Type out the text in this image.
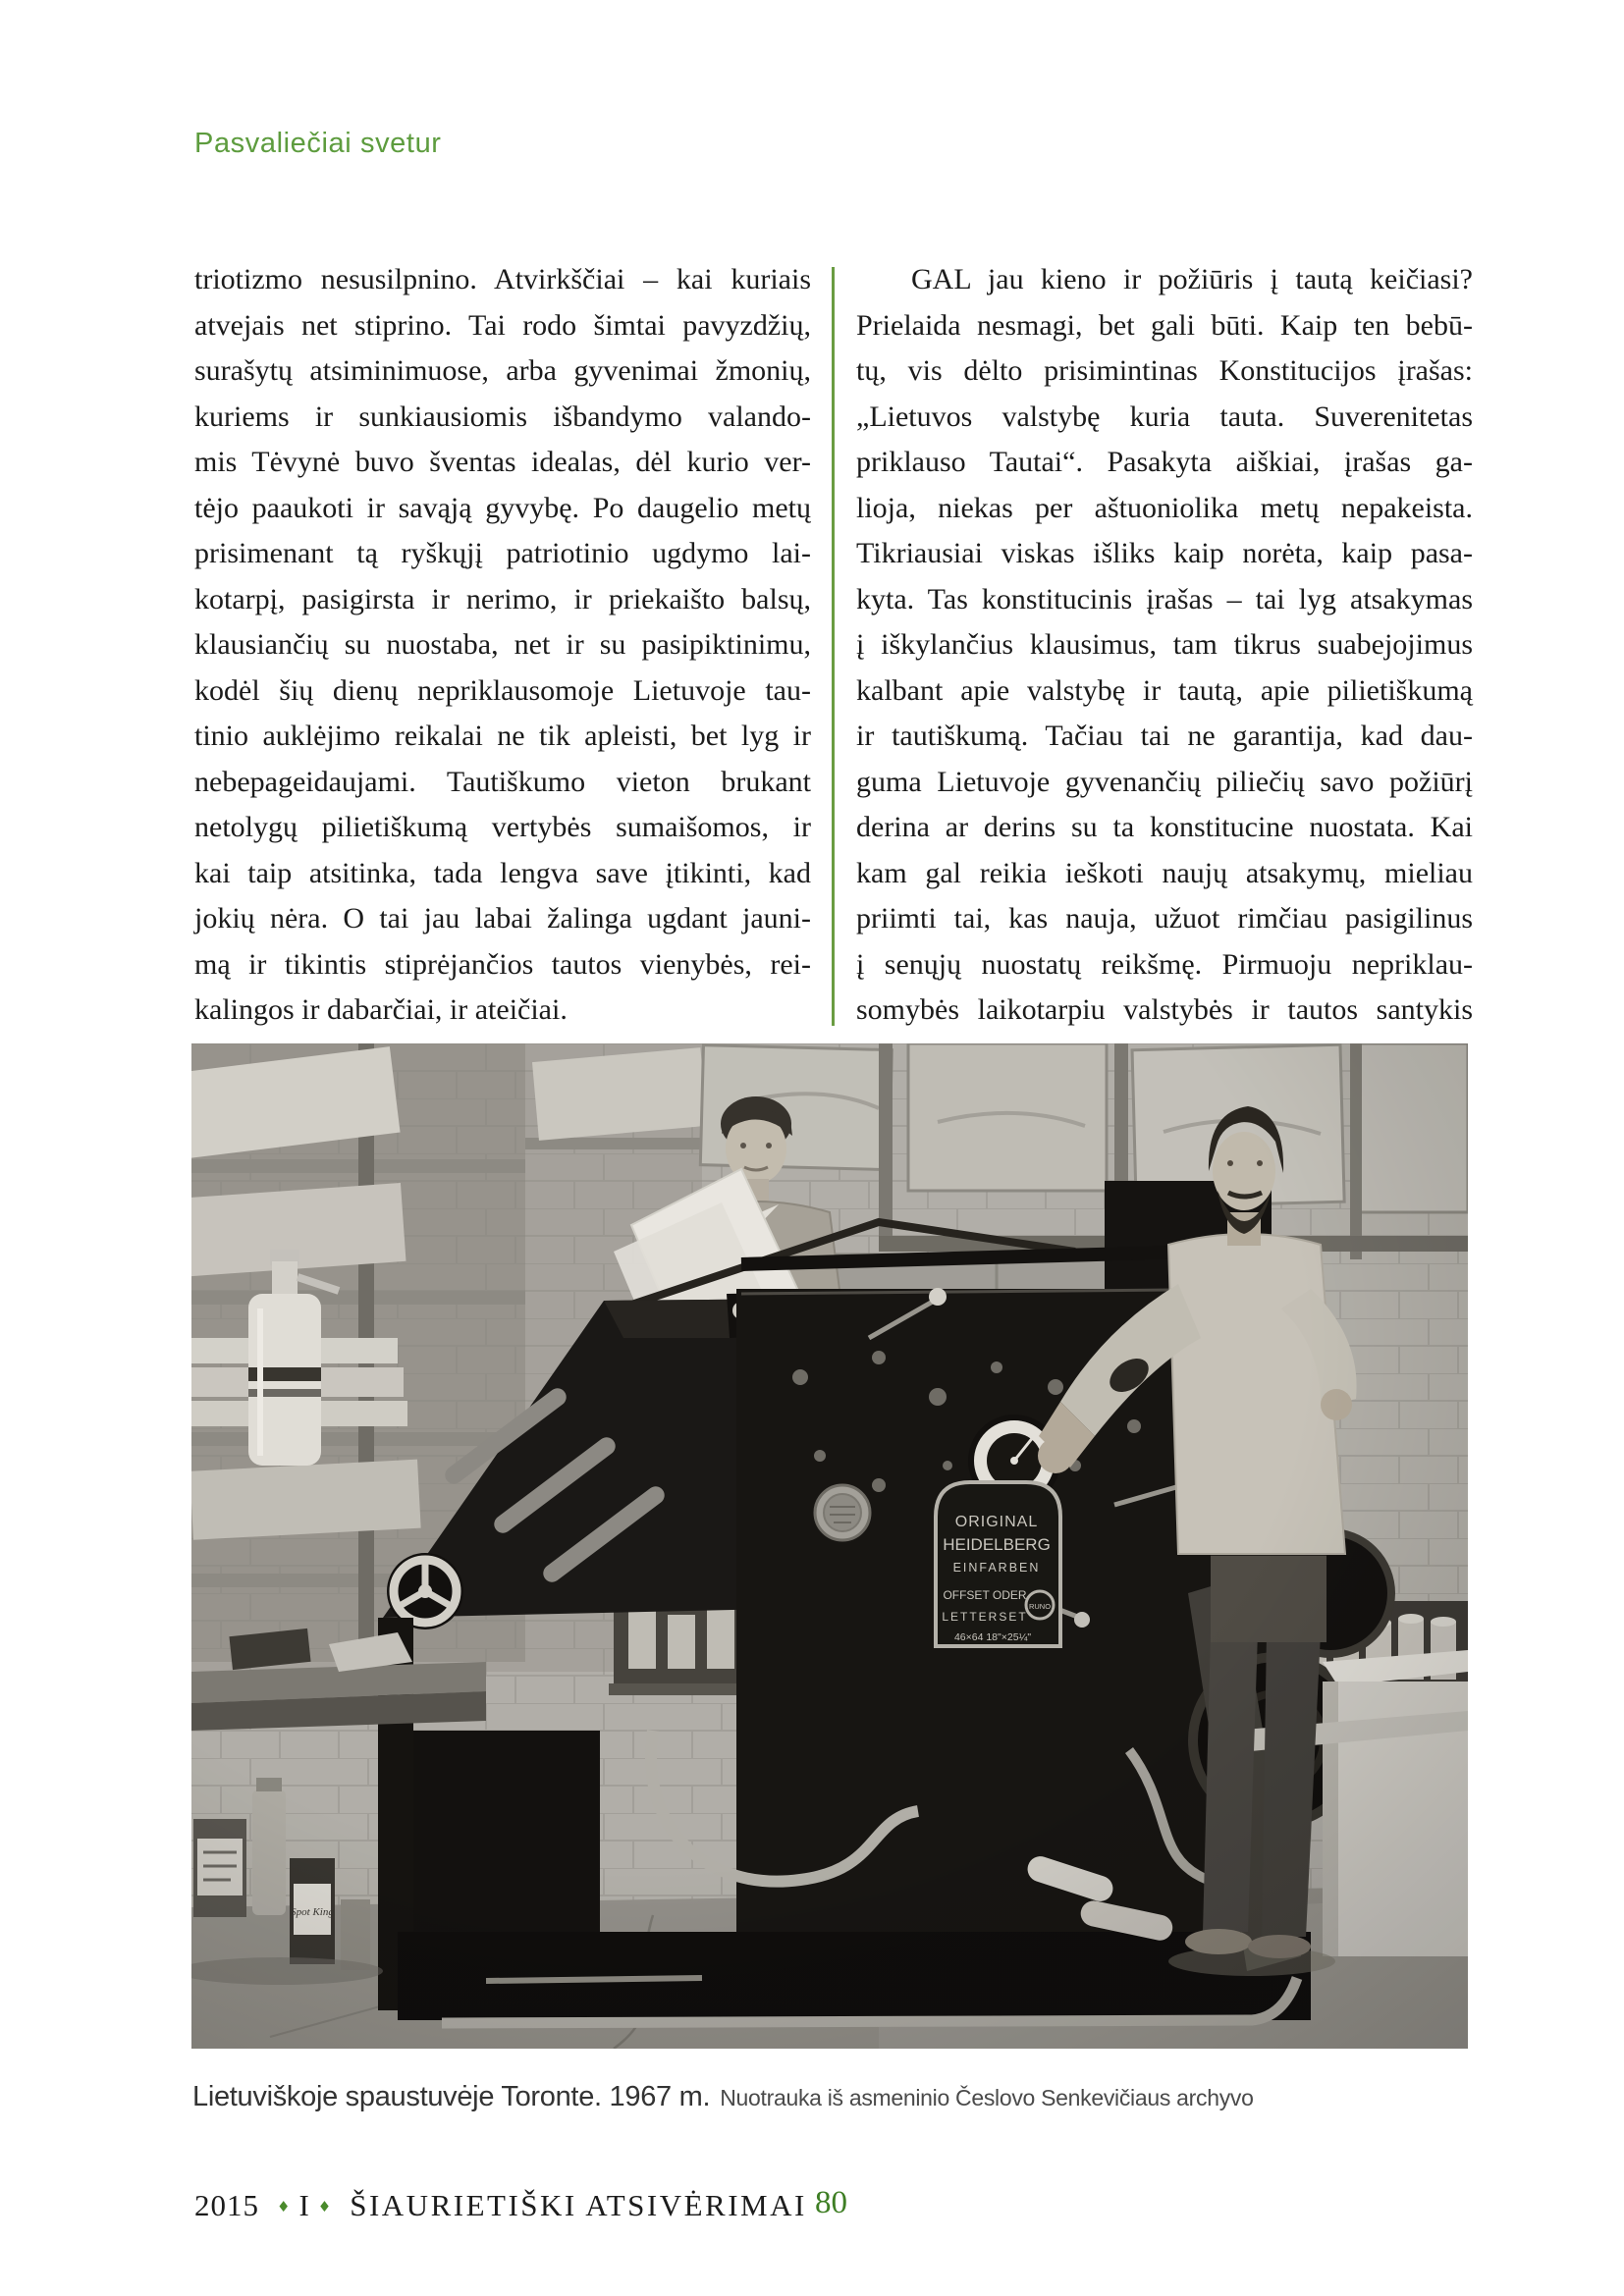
Pasvaliečiai svetur
triotizmo nesusilpnino. Atvirkščiai – kai kuriais
atvejais net stiprino. Tai rodo šimtai pavyzdžių,
surašytų atsiminimuose, arba gyvenimai žmonių,
kuriems ir sunkiausiomis išbandymo valando-
mis Tėvynė buvo šventas idealas, dėl kurio ver-
tėjo paaukoti ir savąją gyvybę. Po daugelio metų
prisimenant tą ryškųjį patriotinio ugdymo lai-
kotarpį, pasigirsta ir nerimo, ir priekaišto balsų,
klausiančių su nuostaba, net ir su pasipiktinimu,
kodėl šių dienų nepriklausomoje Lietuvoje tau-
tinio auklėjimo reikalai ne tik apleisti, bet lyg ir
nebepageidaujami. Tautiškumo vieton brukant
netolygų pilietiškumą vertybės sumaišomos, ir
kai taip atsitinka, tada lengva save įtikinti, kad
jokių nėra. O tai jau labai žalinga ugdant jauni-
mą ir tikintis stiprėjančios tautos vienybės, rei-
kalingos ir dabarčiai, ir ateičiai.
GAL jau kieno ir požiūris į tautą keičiasi?
Prielaida nesmagi, bet gali būti. Kaip ten bebū-
tų, vis dėlto prisimintinas Konstitucijos įrašas:
„Lietuvos valstybę kuria tauta. Suverenitetas
priklauso Tautai“. Pasakyta aiškiai, įrašas ga-
lioja, niekas per aštuoniolika metų nepakeista.
Tikriausiai viskas išliks kaip norėta, kaip pasa-
kyta. Tas konstitucinis įrašas – tai lyg atsakymas
į iškylančius klausimus, tam tikrus suabejojimus
kalbant apie valstybę ir tautą, apie pilietiškumą
ir tautiškumą. Tačiau tai ne garantija, kad dau-
guma Lietuvoje gyvenančių piliečių savo požiūrį
derina ar derins su ta konstitucine nuostata. Kai
kam gal reikia ieškoti naujų atsakymų, mieliau
priimti tai, kas nauja, užuot rimčiau pasigilinus
į senųjų nuostatų reikšmę. Pirmuoju nepriklau-
somybės laikotarpiu valstybės ir tautos santykis
Lietuviškoje spaustuvėje Toronte. 1967 m. Nuotrauka iš asmeninio Česlovo Senkevičiaus archyvo
2015 ♦ I ♦ ŠIAURIETIŠKI ATSIVĖRIMAI 80
